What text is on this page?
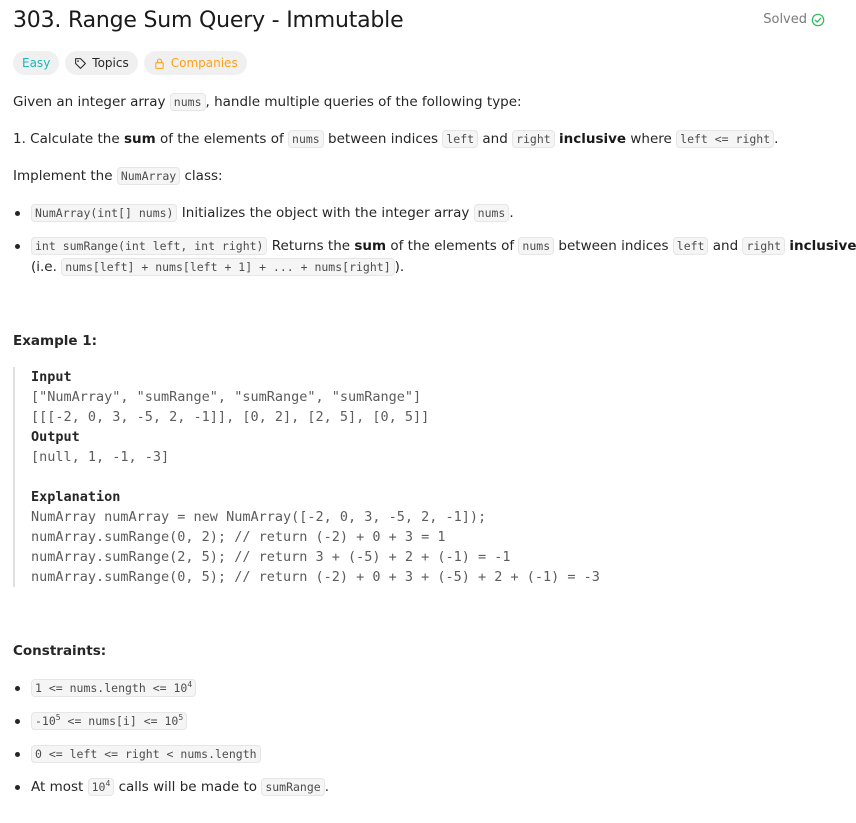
303. Range Sum Query - Immutable	Solved
Easy	Topics	Companies
Given an integer array nums , handle multiple queries of the following type:
1. Calculate the sum of the elements of nums between indices left and right inclusive where left <= right .
Implement the NumArray class:
NumArray(int[] nums) Initializes the object with the integer array nums .
int sumRange(int left, int right) Returns the sum of the elements of nums between indices left and right inclusive
(i.e. nums[left] + nums[left + 1] + ... + nums[right] ).
Example 1:
Input
["NumArray", "sumRange", "sumRange", "sumRange"]
[[[-2, 0, 3, -5, 2, -1]], [0, 2], [2, 5], [0, 5]]
Output
[null, 1, -1, -3]
Explanation
NumArray numArray = new NumArray([-2, 0, 3, -5, 2, -1]);
numArray.sumRange(0, 2); // return (-2) + 0 + 3 = 1
numArray.sumRange(2, 5); // return 3 + (-5) + 2 + (-1) = -1
numArray.sumRange(0, 5); // return (-2) + 0 + 3 + (-5) + 2 + (-1) = -3
Constraints:
1 <= nums.length <= $10^4$
$-10^5$ <= nums[i] <= $10^5$
0 <= left <= right < nums.length
At most $10^4$ calls will be made to sumRange .
